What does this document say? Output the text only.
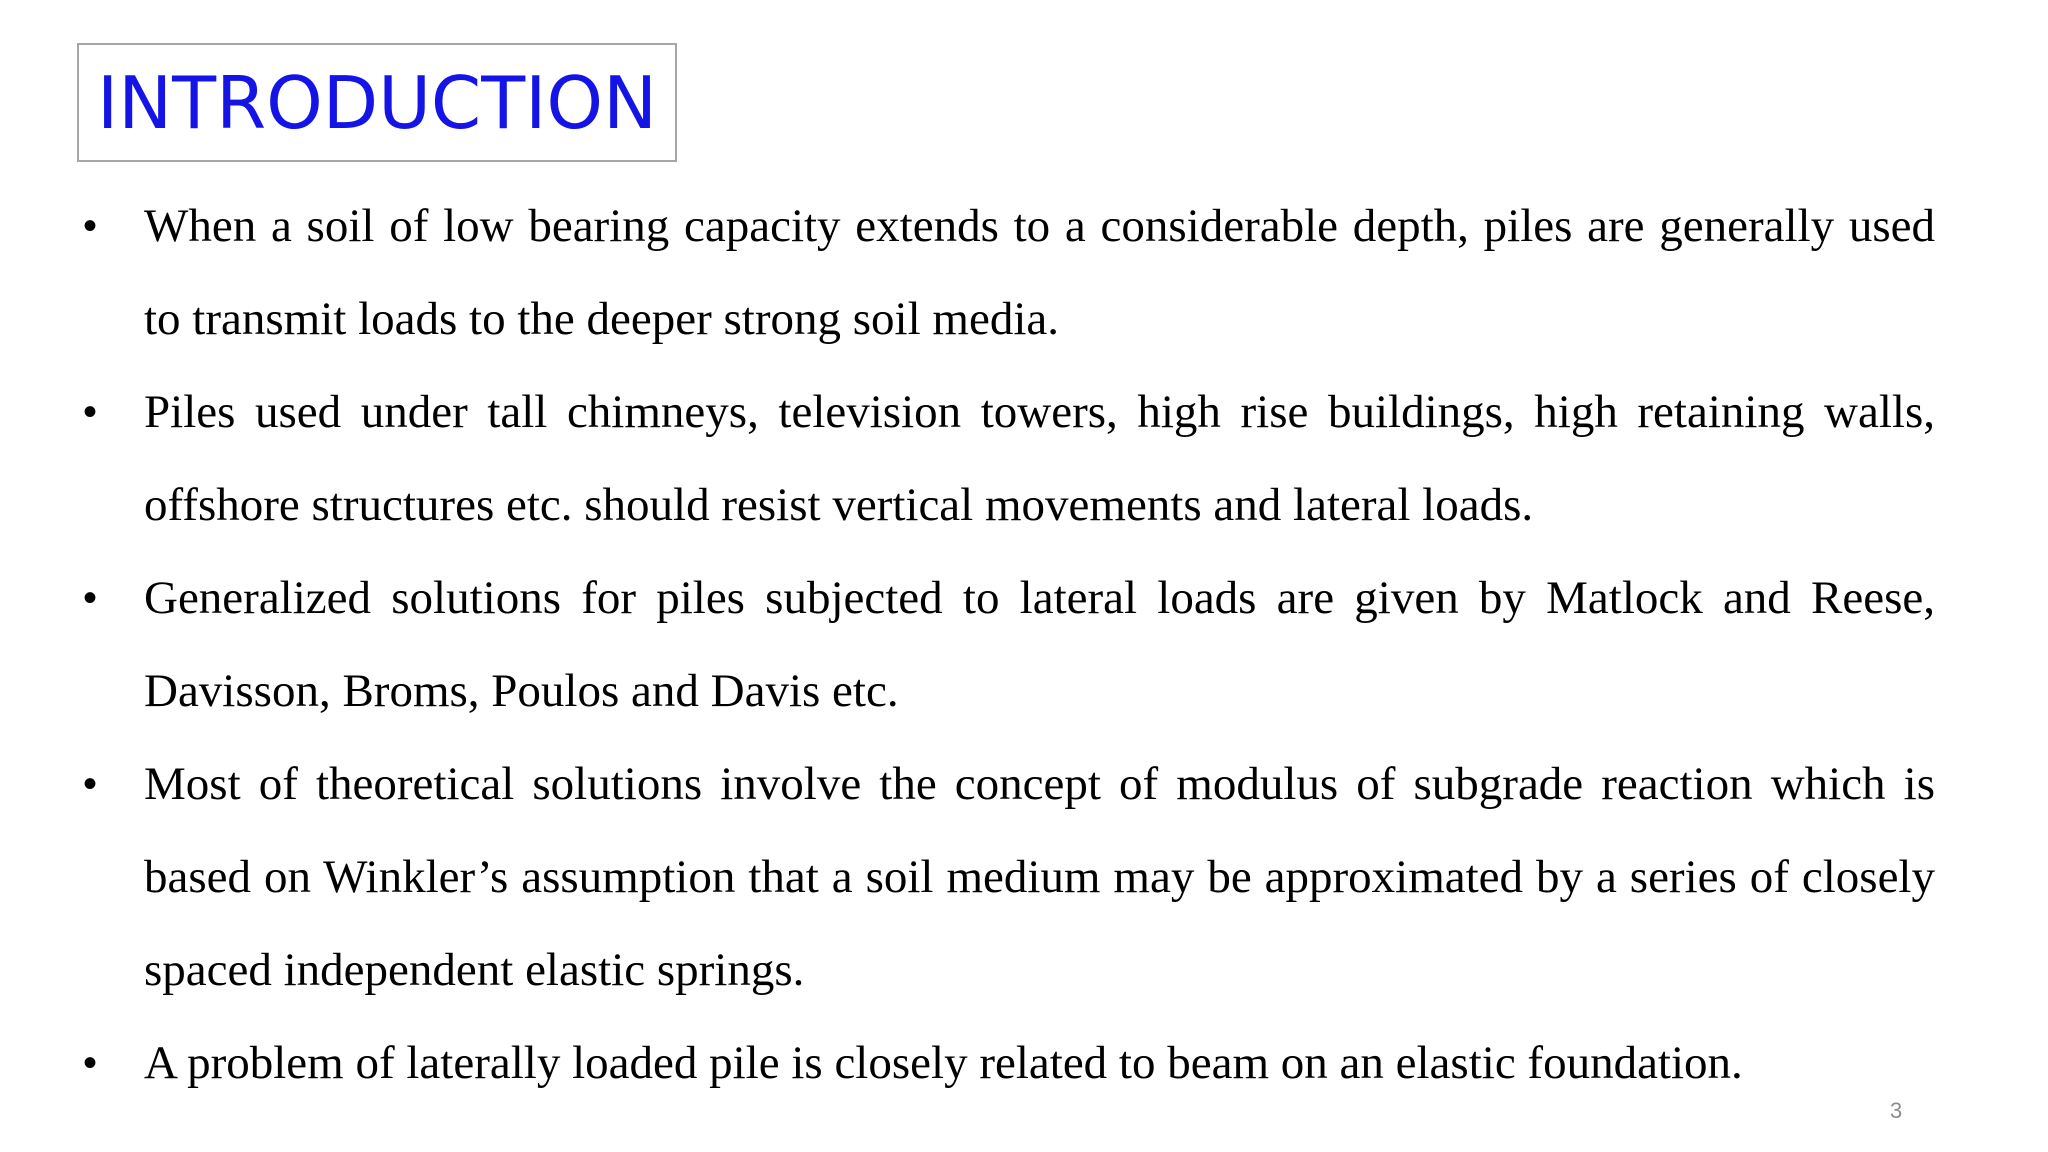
INTRODUCTION
• When a soil of low bearing capacity extends to a considerable depth, piles are generally used to transmit loads to the deeper strong soil media.
• Piles used under tall chimneys, television towers, high rise buildings, high retaining walls, offshore structures etc. should resist vertical movements and lateral loads.
• Generalized solutions for piles subjected to lateral loads are given by Matlock and Reese, Davisson, Broms, Poulos and Davis etc.
• Most of theoretical solutions involve the concept of modulus of subgrade reaction which is based on Winkler’s assumption that a soil medium may be approximated by a series of closely spaced independent elastic springs.
• A problem of laterally loaded pile is closely related to beam on an elastic foundation.
3
